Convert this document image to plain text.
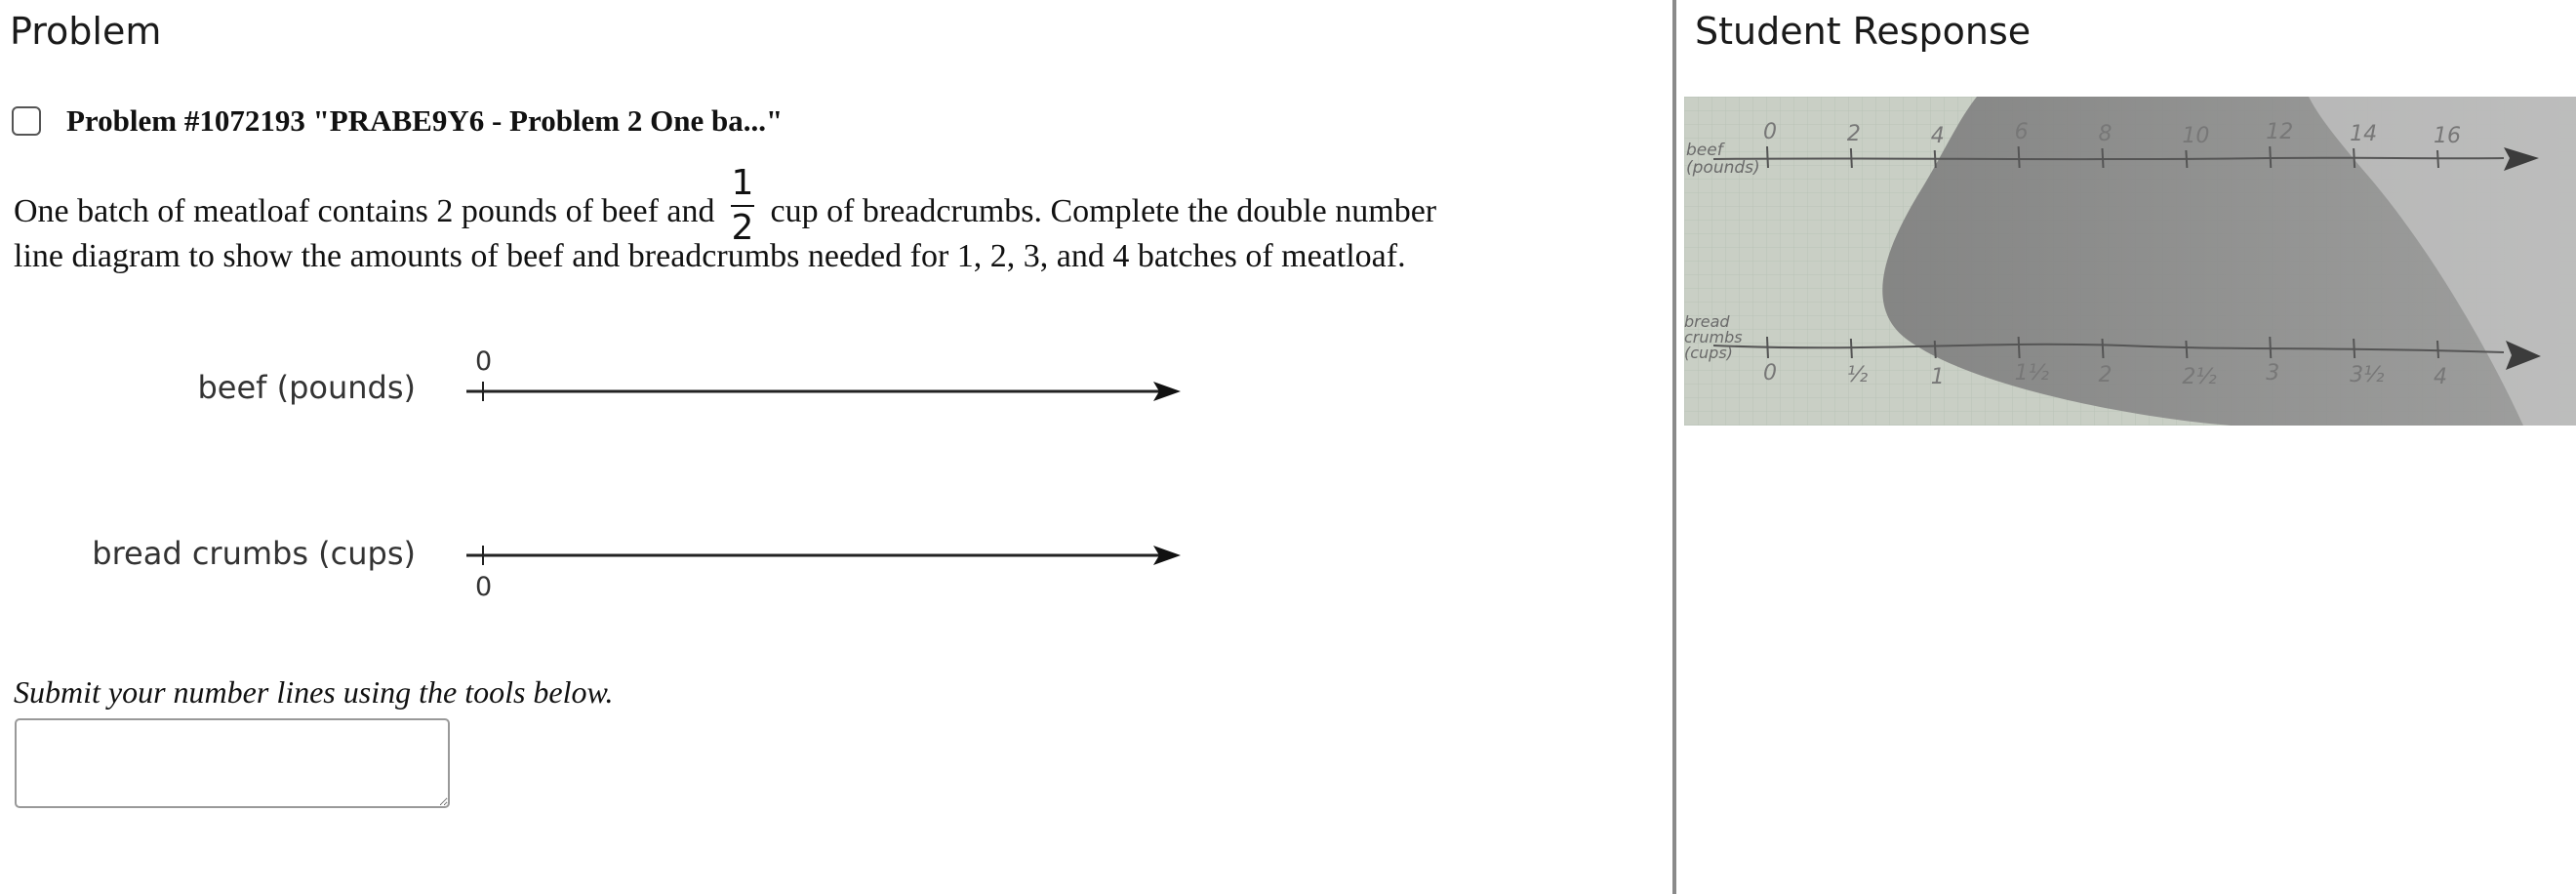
Problem
Problem #1072193 "PRABE9Y6 - Problem 2 One ba..."
One batch of meatloaf contains 2 pounds of beef and $\frac{1}{2}$ cup of breadcrumbs. Complete the double number
line diagram to show the amounts of beef and breadcrumbs needed for 1, 2, 3, and 4 batches of meatloaf.
beef (pounds)
0
bread crumbs (cups)
0
Submit your number lines using the tools below.
Student Response
0	2	4	6	8	10	12	14	16
0	½	1	1½ 2	2½ 3	3½ 4
beef
(pounds)
bread
crumbs
(cups)
